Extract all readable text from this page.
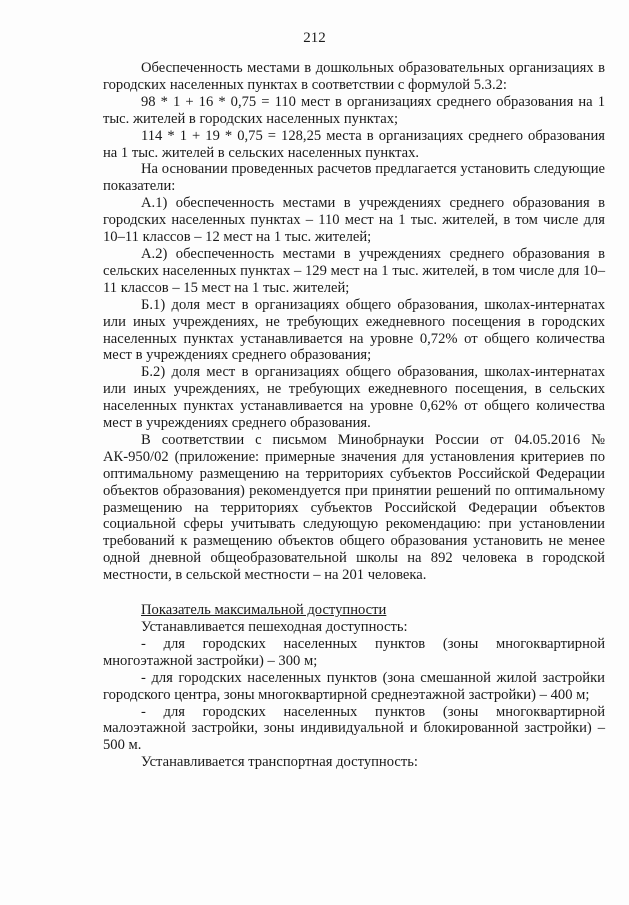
212

Обеспеченность местами в дошкольных образовательных организациях в городских населенных пунктах в соответствии с формулой 5.3.2:

98 * 1 + 16 * 0,75 = 110 мест в организациях среднего образования на 1 тыс. жителей в городских населенных пунктах;

114 * 1 + 19 * 0,75 = 128,25 места в организациях среднего образования на 1 тыс. жителей в сельских населенных пунктах.

На основании проведенных расчетов предлагается установить следующие показатели:

А.1) обеспеченность местами в учреждениях среднего образования в городских населенных пунктах – 110 мест на 1 тыс. жителей, в том числе для 10–11 классов – 12 мест на 1 тыс. жителей;

А.2) обеспеченность местами в учреждениях среднего образования в сельских населенных пунктах – 129 мест на 1 тыс. жителей, в том числе для 10–11 классов – 15 мест на 1 тыс. жителей;

Б.1) доля мест в организациях общего образования, школах-интернатах или иных учреждениях, не требующих ежедневного посещения в городских населенных пунктах устанавливается на уровне 0,72% от общего количества мест в учреждениях среднего образования;

Б.2) доля мест в организациях общего образования, школах-интернатах или иных учреждениях, не требующих ежедневного посещения, в сельских населенных пунктах устанавливается на уровне 0,62% от общего количества мест в учреждениях среднего образования.

В соответствии с письмом Минобрнауки России от 04.05.2016 № АК-950/02 (приложение: примерные значения для установления критериев по оптимальному размещению на территориях субъектов Российской Федерации объектов образования) рекомендуется при принятии решений по оптимальному размещению на территориях субъектов Российской Федерации объектов социальной сферы учитывать следующую рекомендацию: при установлении требований к размещению объектов общего образования установить не менее одной дневной общеобразовательной школы на 892 человека в городской местности, в сельской местности – на 201 человека.

Показатель максимальной доступности

Устанавливается пешеходная доступность:

- для городских населенных пунктов (зоны многоквартирной многоэтажной застройки) – 300 м;

- для городских населенных пунктов (зона смешанной жилой застройки городского центра, зоны многоквартирной среднеэтажной застройки) – 400 м;

- для городских населенных пунктов (зоны многоквартирной малоэтажной застройки, зоны индивидуальной и блокированной застройки) – 500 м.

Устанавливается транспортная доступность:
